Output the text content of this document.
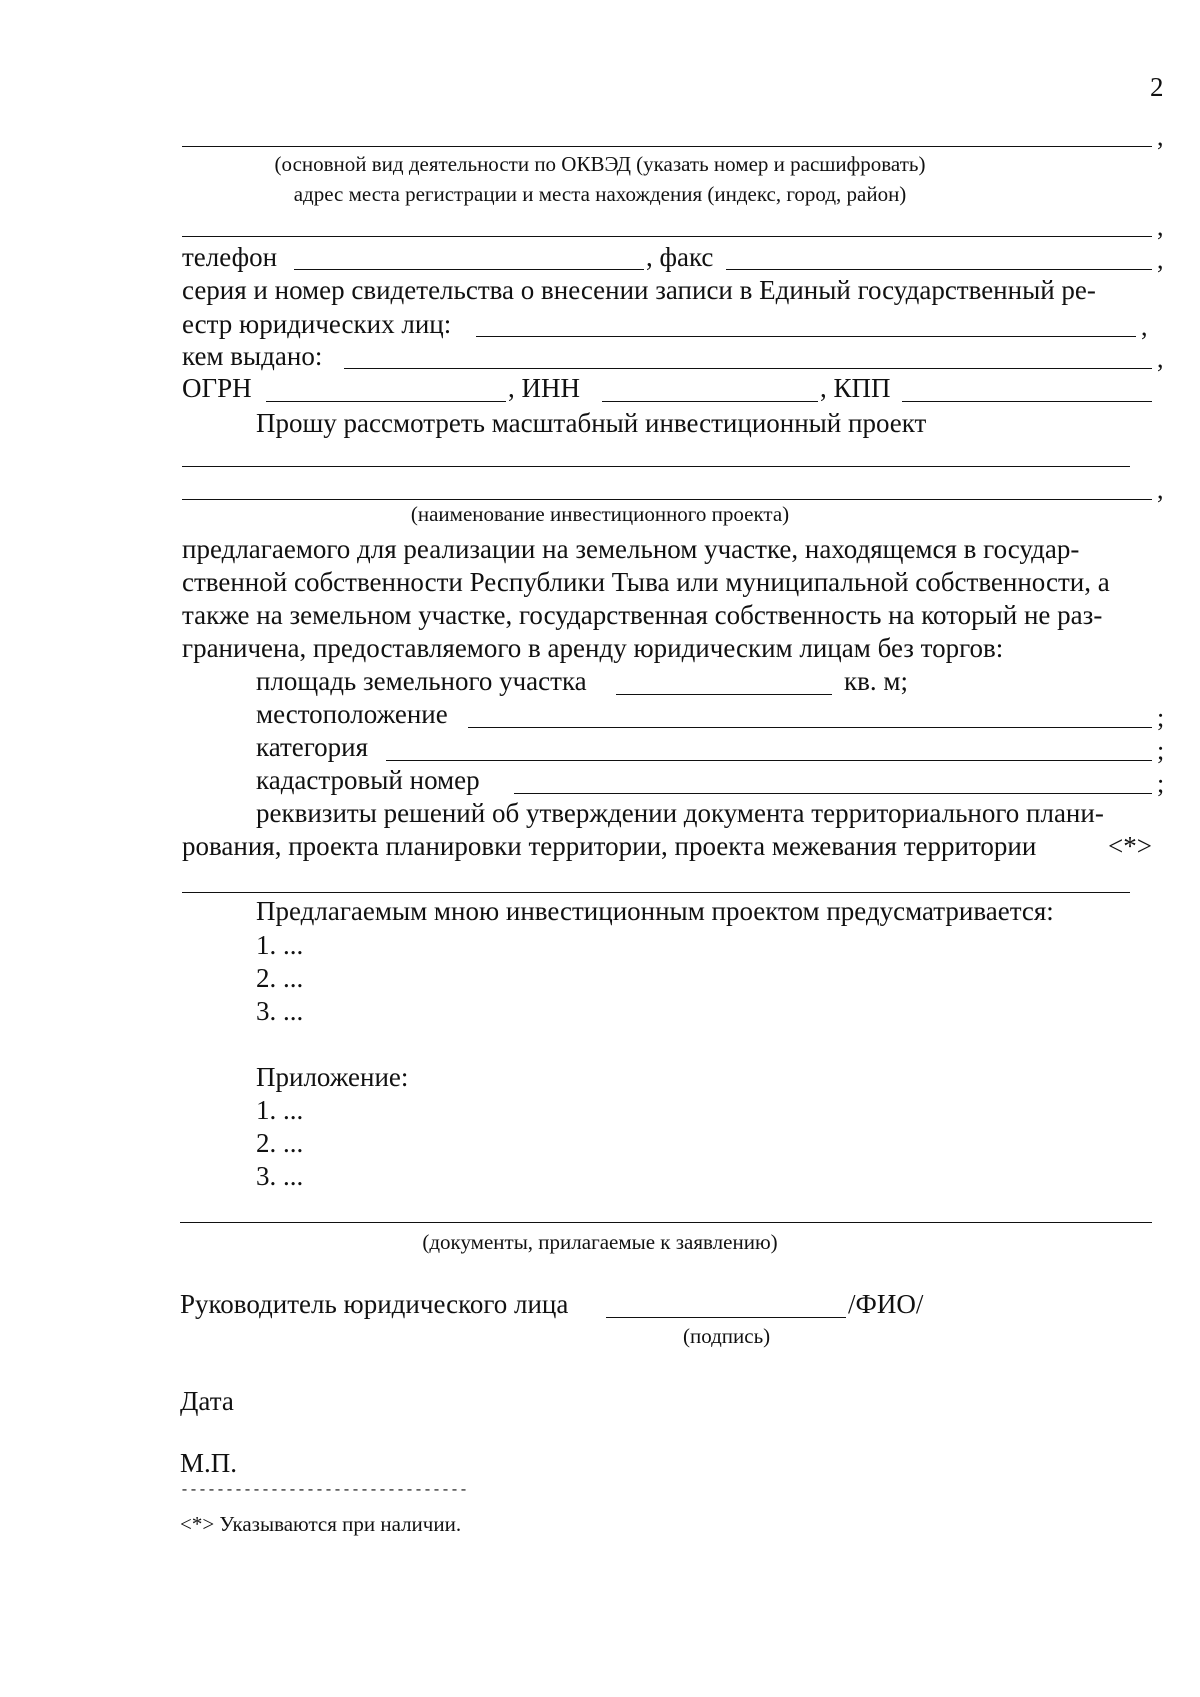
2
,
(основной вид деятельности по ОКВЭД (указать номер и расшифровать)
адрес места регистрации и места нахождения (индекс, город, район)
,
телефон	, факс	,
серия и номер свидетельства о внесении записи в Единый государственный ре-
естр юридических лиц:	,
кем выдано:	,
ОГРН	, ИНН	, КПП
Прошу рассмотреть масштабный инвестиционный проект
,
(наименование инвестиционного проекта)
предлагаемого для реализации на земельном участке, находящемся в государ-
ственной собственности Республики Тыва или муниципальной собственности, а
также на земельном участке, государственная собственность на который не раз-
граничена, предоставляемого в аренду юридическим лицам без торгов:
площадь земельного участка	кв. м;
местоположение	;
категория	;
кадастровый номер	;
реквизиты решений об утверждении документа территориального плани-
рования, проекта планировки территории, проекта межевания территории	<*>
Предлагаемым мною инвестиционным проектом предусматривается:
1. ...
2. ...
3. ...
Приложение:
1. ...
2. ...
3. ...
(документы, прилагаемые к заявлению)
Руководитель юридического лица	/ФИО/
(подпись)
Дата
М.П.
--------------------------------
<*> Указываются при наличии.
